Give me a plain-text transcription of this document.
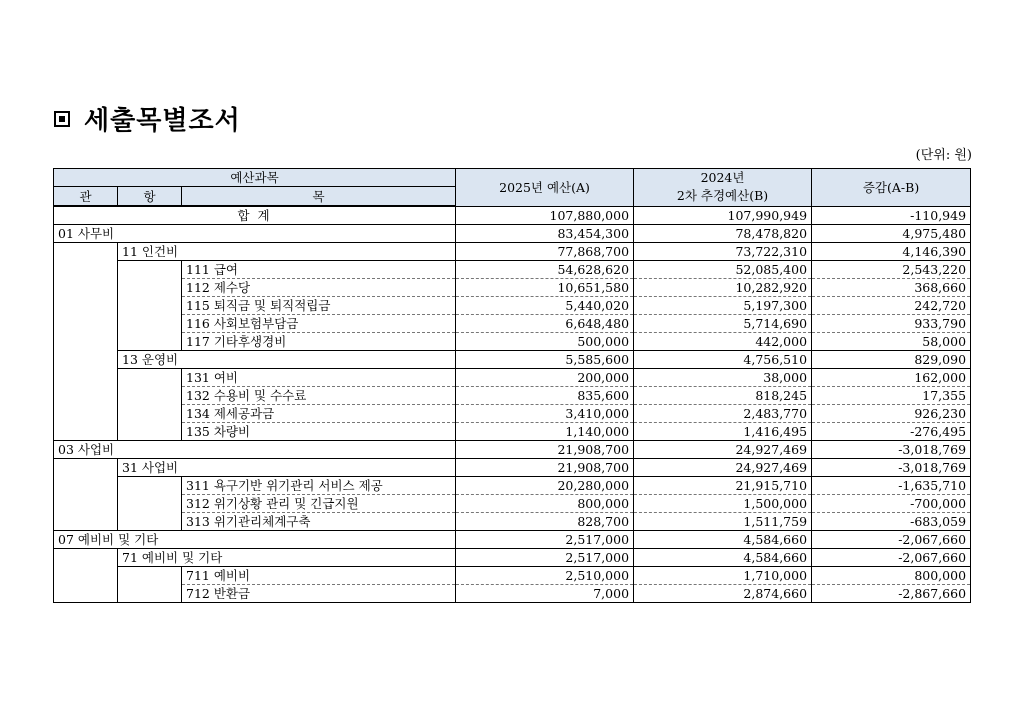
세출목별조서
(단위: 원)
예산과목			2025년 예산(A)	2024년
2차 추경예산(B)	증감(A-B)
관	항	목			
합 계			107,880,000	107,990,949	-110,949
01 사무비			83,454,300	78,478,820	4,975,480
	11 인건비		77,868,700	73,722,310	4,146,390
		111 급여	54,628,620	52,085,400	2,543,220
		112 제수당	10,651,580	10,282,920	368,660
		115 퇴직금 및 퇴직적립금	5,440,020	5,197,300	242,720
		116 사회보험부담금	6,648,480	5,714,690	933,790
		117 기타후생경비	500,000	442,000	58,000
	13 운영비		5,585,600	4,756,510	829,090
		131 여비	200,000	38,000	162,000
		132 수용비 및 수수료	835,600	818,245	17,355
		134 제세공과금	3,410,000	2,483,770	926,230
		135 차량비	1,140,000	1,416,495	-276,495
03 사업비			21,908,700	24,927,469	-3,018,769
	31 사업비		21,908,700	24,927,469	-3,018,769
		311 욕구기반 위기관리 서비스 제공	20,280,000	21,915,710	-1,635,710
		312 위기상황 관리 및 긴급지원	800,000	1,500,000	-700,000
		313 위기관리체계구축	828,700	1,511,759	-683,059
07 예비비 및 기타			2,517,000	4,584,660	-2,067,660
	71 예비비 및 기타		2,517,000	4,584,660	-2,067,660
		711 예비비	2,510,000	1,710,000	800,000
		712 반환금	7,000	2,874,660	-2,867,660
